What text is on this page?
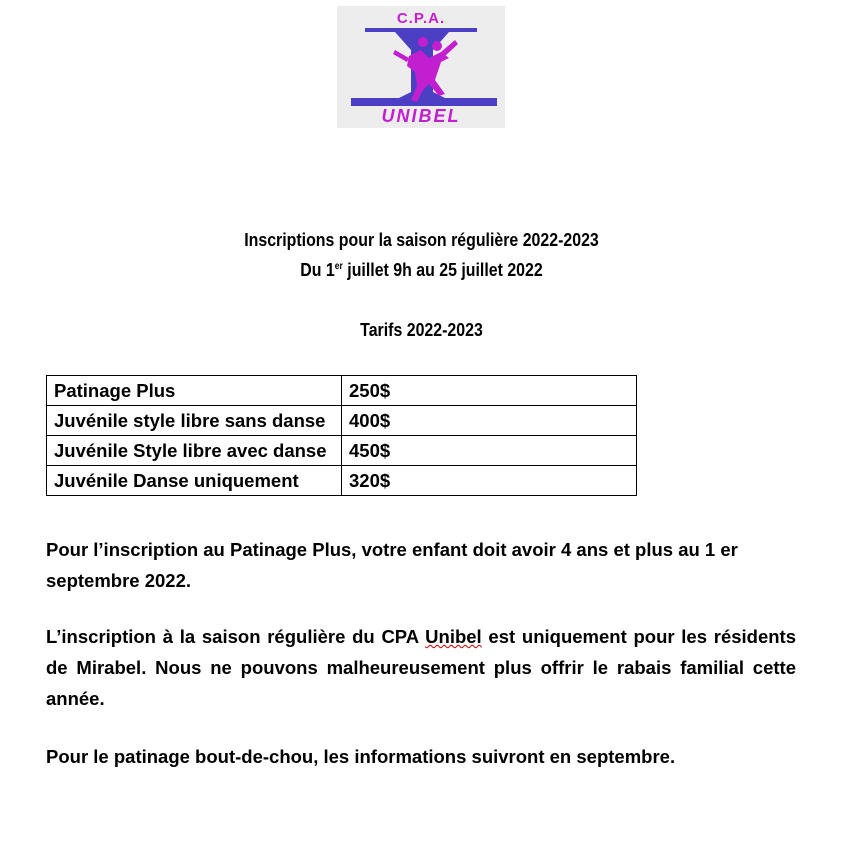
C.P.A.
UNIBEL
Inscriptions pour la saison régulière 2022-2023
Du 1er juillet 9h au 25 juillet 2022
Tarifs 2022-2023
Patinage Plus	250$
Juvénile style libre sans danse	400$
Juvénile Style libre avec danse	450$
Juvénile Danse uniquement	320$
Pour l’inscription au Patinage Plus, votre enfant doit avoir 4 ans et plus au 1 er septembre 2022.
L’inscription à la saison régulière du CPA Unibel est uniquement pour les résidents de Mirabel. Nous ne pouvons malheureusement plus offrir le rabais familial cette année.
Pour le patinage bout-de-chou, les informations suivront en septembre.
